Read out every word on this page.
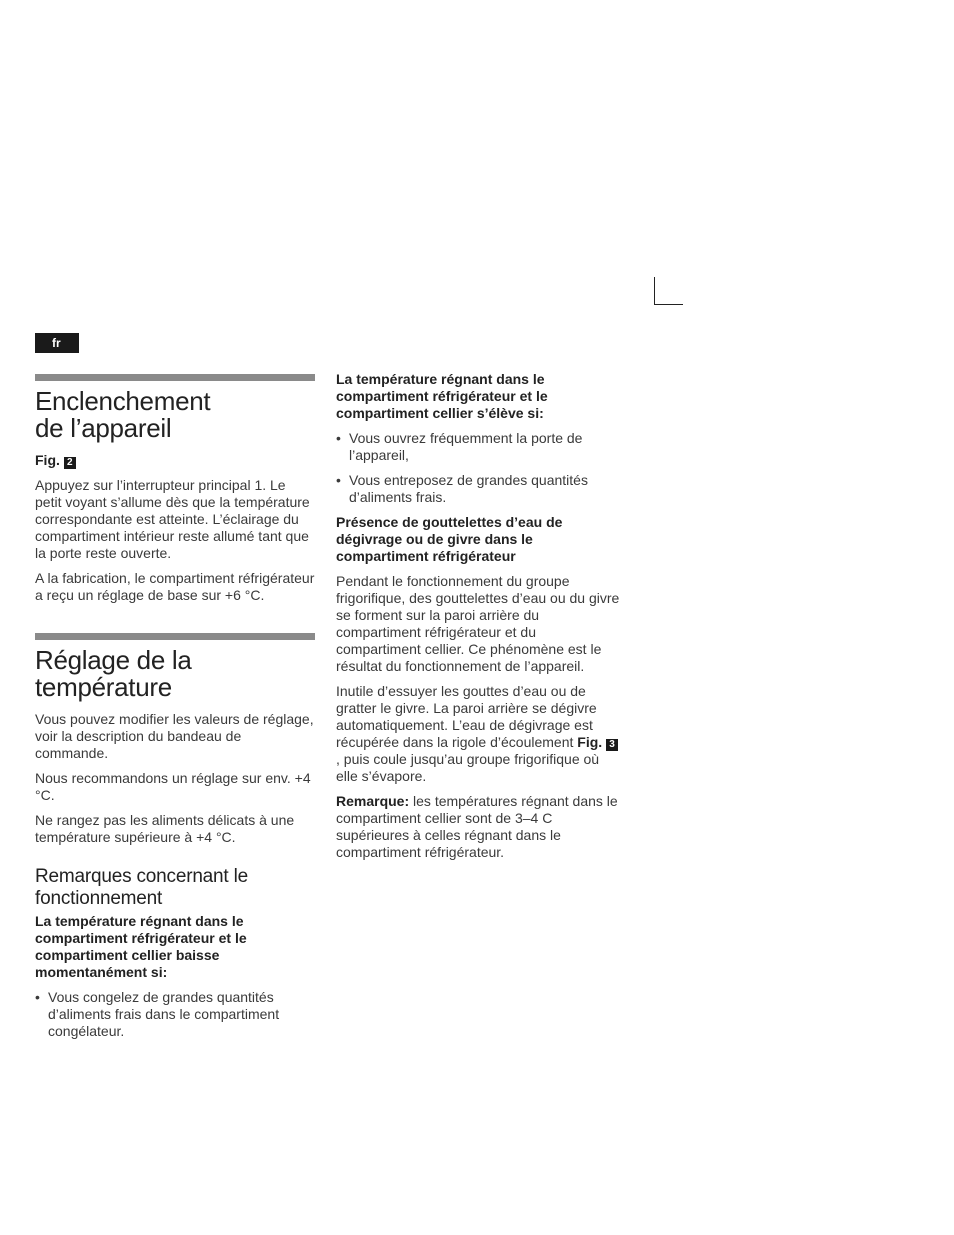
fr
Enclenchement
de l’appareil

Fig. 2

Appuyez sur l’interrupteur principal 1. Le petit voyant s’allume dès que la température correspondante est atteinte. L’éclairage du compartiment intérieur reste allumé tant que la porte reste ouverte.

A la fabrication, le compartiment réfrigérateur a reçu un réglage de base sur +6 °C.

Réglage de la
température

Vous pouvez modifier les valeurs de réglage, voir la description du bandeau de commande.

Nous recommandons un réglage sur env. +4 °C.

Ne rangez pas les aliments délicats à une température supérieure à +4 °C.

Remarques concernant le
fonctionnement

La température régnant dans le compartiment réfrigérateur et le compartiment cellier baisse momentanément si:

• Vous congelez de grandes quantités d’aliments frais dans le compartiment congélateur.

La température régnant dans le compartiment réfrigérateur et le compartiment cellier s’élève si:

• Vous ouvrez fréquemment la porte de l’appareil,
• Vous entreposez de grandes quantités d’aliments frais.

Présence de gouttelettes d’eau de dégivrage ou de givre dans le compartiment réfrigérateur

Pendant le fonctionnement du groupe frigorifique, des gouttelettes d’eau ou du givre se forment sur la paroi arrière du compartiment réfrigérateur et du compartiment cellier. Ce phénomène est le résultat du fonctionnement de l’appareil.

Inutile d’essuyer les gouttes d’eau ou de gratter le givre. La paroi arrière se dégivre automatiquement. L’eau de dégivrage est récupérée dans la rigole d’écoulement Fig. 3, puis coule jusqu’au groupe frigorifique où elle s’évapore.

Remarque: les températures régnant dans le compartiment cellier sont de 3–4 C supérieures à celles régnant dans le compartiment réfrigérateur.
